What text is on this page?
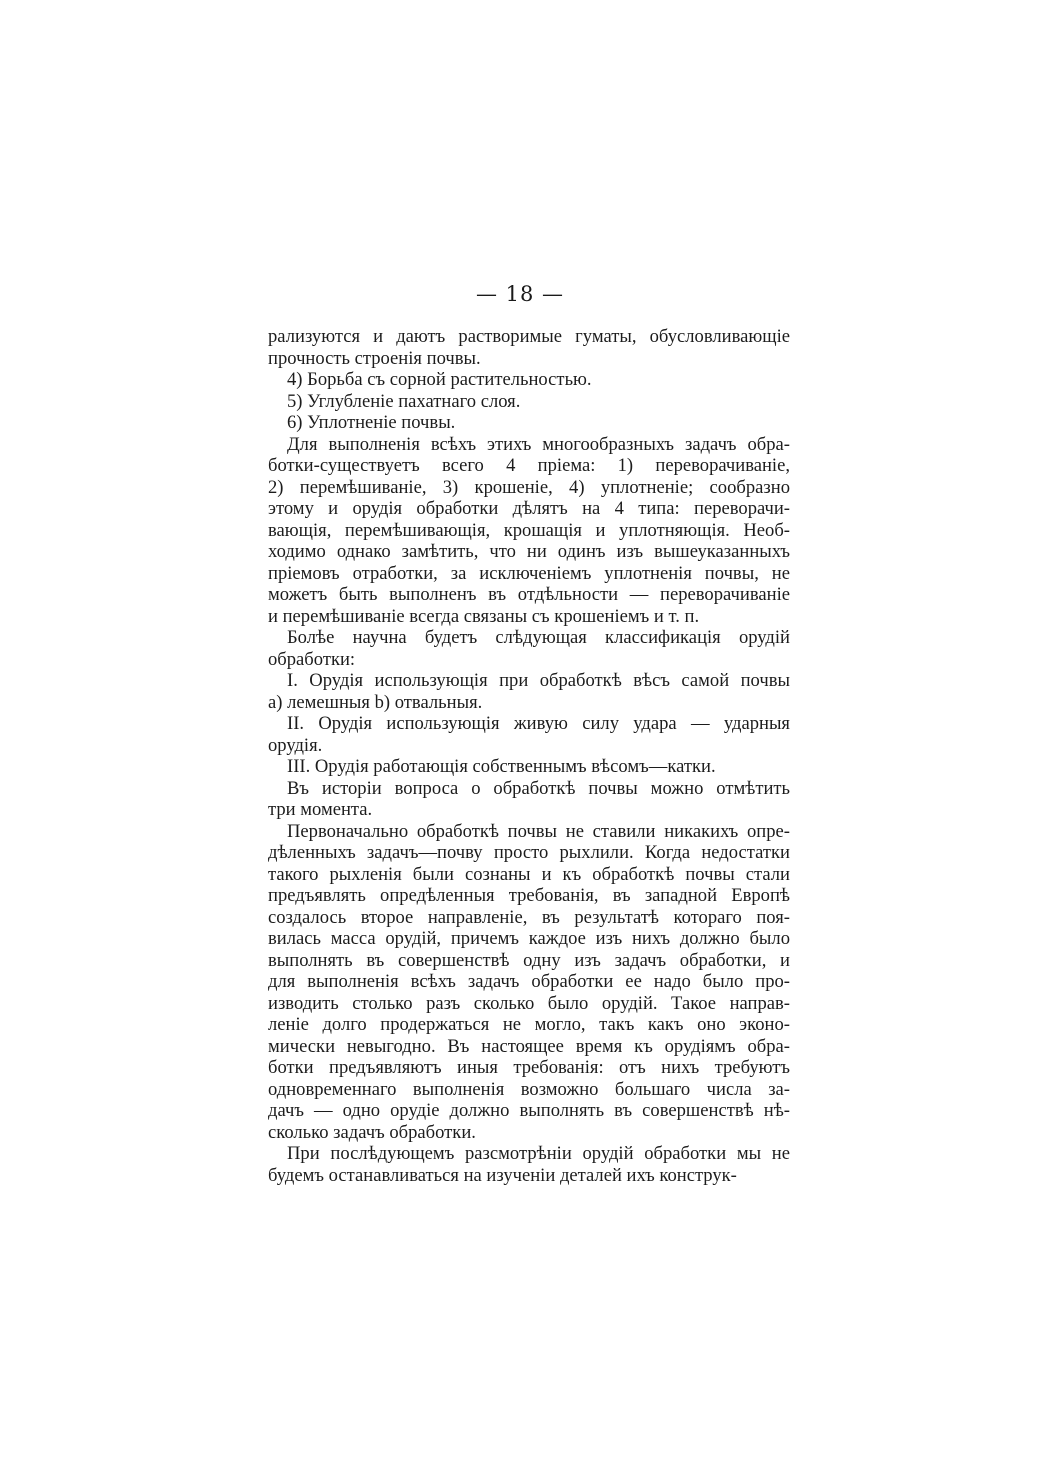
— 18 —
рализуются и даютъ растворимые гуматы, обусловливающіе
прочность строенія почвы.
4) Борьба съ сорной растительностью.
5) Углубленіе пахатнаго слоя.
6) Уплотненіе почвы.
Для выполненія всѣхъ этихъ многообразныхъ задачъ обра-
ботки-существуетъ всего 4 пріема: 1) переворачиваніе,
2) перемѣшиваніе, 3) крошеніе, 4) уплотненіе; сообразно
этому и орудія обработки дѣлятъ на 4 типа: переворачи-
вающія, перемѣшивающія, крошащія и уплотняющія. Необ-
ходимо однако замѣтить, что ни одинъ изъ вышеуказанныхъ
пріемовъ отработки, за исключеніемъ уплотненія почвы, не
можетъ быть выполненъ въ отдѣльности — переворачиваніе
и перемѣшиваніе всегда связаны съ крошеніемъ и т. п.
Болѣе научна будетъ слѣдующая классификація орудій
обработки:
I. Орудія использующія при обработкѣ вѣсъ самой почвы
а) лемешныя b) отвальныя.
II. Орудія использующія живую силу удара — ударныя
орудія.
III. Орудія работающія собственнымъ вѣсомъ—катки.
Въ исторіи вопроса о обработкѣ почвы можно отмѣтить
три момента.
Первоначально обработкѣ почвы не ставили никакихъ опре-
дѣленныхъ задачъ—почву просто рыхлили. Когда недостатки
такого рыхленія были сознаны и къ обработкѣ почвы стали
предъявлять опредѣленныя требованія, въ западной Европѣ
создалось второе направленіе, въ результатѣ котораго поя-
вилась масса орудій, причемъ каждое изъ нихъ должно было
выполнять въ совершенствѣ одну изъ задачъ обработки, и
для выполненія всѣхъ задачъ обработки ее надо было про-
изводить столько разъ сколько было орудій. Такое направ-
леніе долго продержаться не могло, такъ какъ оно эконо-
мически невыгодно. Въ настоящее время къ орудіямъ обра-
ботки предъявляютъ иныя требованія: отъ нихъ требуютъ
одновременнаго выполненія возможно большаго числа за-
дачъ — одно орудіе должно выполнять въ совершенствѣ нѣ-
сколько задачъ обработки.
При послѣдующемъ разсмотрѣніи орудій обработки мы не
будемъ останавливаться на изученіи деталей ихъ конструк-
